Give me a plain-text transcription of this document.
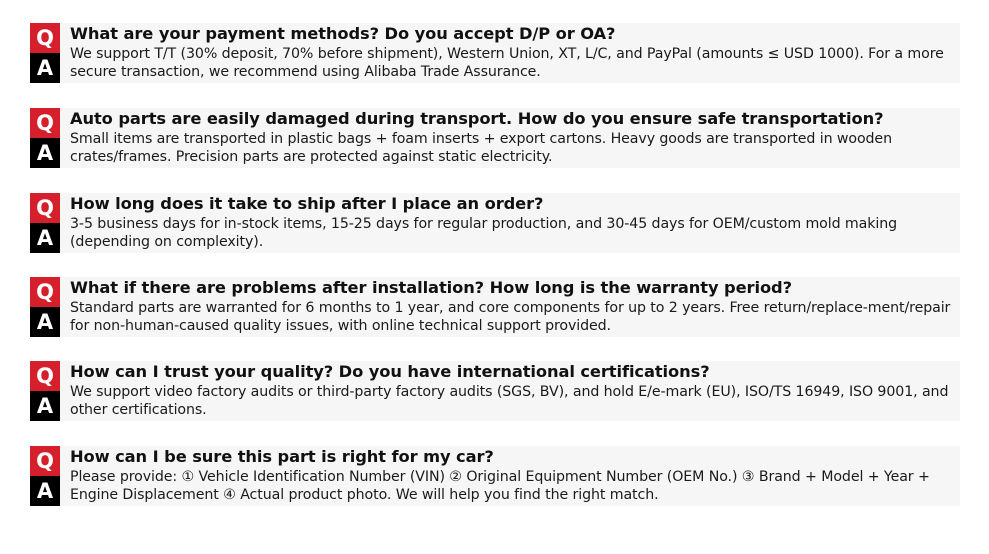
Q
A
What are your payment methods? Do you accept D/P or OA?
We support T/T (30% deposit, 70% before shipment), Western Union, XT, L/C, and PayPal (amounts ≤ USD 1000). For a more secure transaction, we recommend using Alibaba Trade Assurance.
Q
A
Auto parts are easily damaged during transport. How do you ensure safe transportation?
Small items are transported in plastic bags + foam inserts + export cartons. Heavy goods are transported in wooden crates/frames. Precision parts are protected against static electricity.
Q
A
How long does it take to ship after I place an order?
3-5 business days for in-stock items, 15-25 days for regular production, and 30-45 days for OEM/custom mold making (depending on complexity).
Q
A
What if there are problems after installation? How long is the warranty period?
Standard parts are warranted for 6 months to 1 year, and core components for up to 2 years. Free return/replace-ment/repair for non-human-caused quality issues, with online technical support provided.
Q
A
How can I trust your quality? Do you have international certifications?
We support video factory audits or third-party factory audits (SGS, BV), and hold E/e-mark (EU), ISO/TS 16949, ISO 9001, and other certifications.
Q
A
How can I be sure this part is right for my car?
Please provide: ① Vehicle Identification Number (VIN) ② Original Equipment Number (OEM No.) ③ Brand + Model + Year + Engine Displacement ④ Actual product photo. We will help you find the right match.
